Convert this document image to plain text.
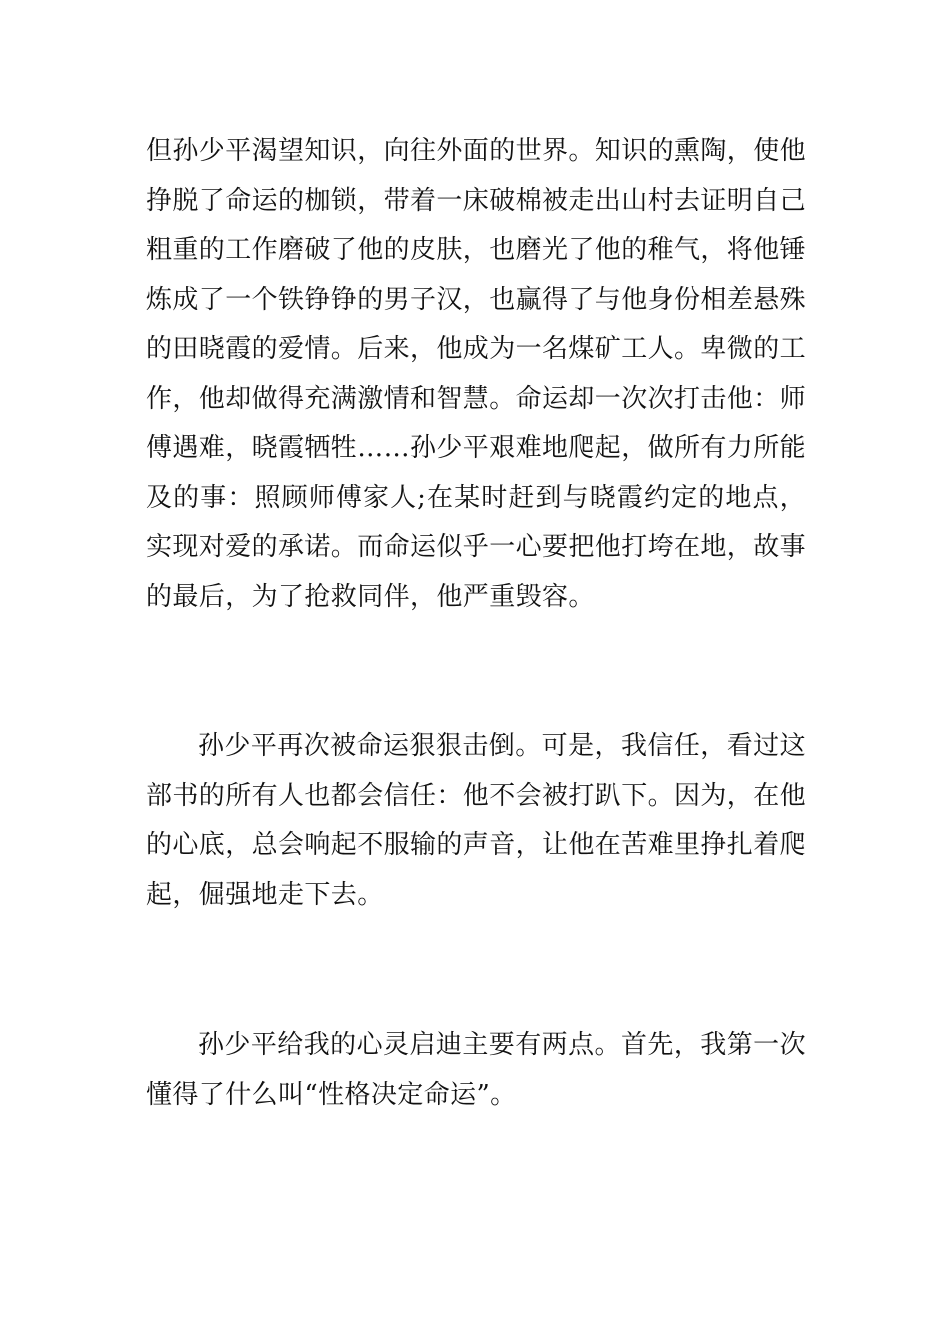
但孙少平渴望知识，向往外面的世界。知识的熏陶，使他挣脱了命运的枷锁，带着一床破棉被走出山村去证明自己粗重的工作磨破了他的皮肤，也磨光了他的稚气，将他锤炼成了一个铁铮铮的男子汉，也赢得了与他身份相差悬殊的田晓霞的爱情。后来，他成为一名煤矿工人。卑微的工作，他却做得充满激情和智慧。命运却一次次打击他：师傅遇难，晓霞牺牲……孙少平艰难地爬起，做所有力所能及的事：照顾师傅家人;在某时赶到与晓霞约定的地点，实现对爱的承诺。而命运似乎一心要把他打垮在地，故事的最后，为了抢救同伴，他严重毁容。

孙少平再次被命运狠狠击倒。可是，我信任，看过这部书的所有人也都会信任：他不会被打趴下。因为，在他的心底，总会响起不服输的声音，让他在苦难里挣扎着爬起，倔强地走下去。

孙少平给我的心灵启迪主要有两点。首先，我第一次懂得了什么叫“性格决定命运”。
